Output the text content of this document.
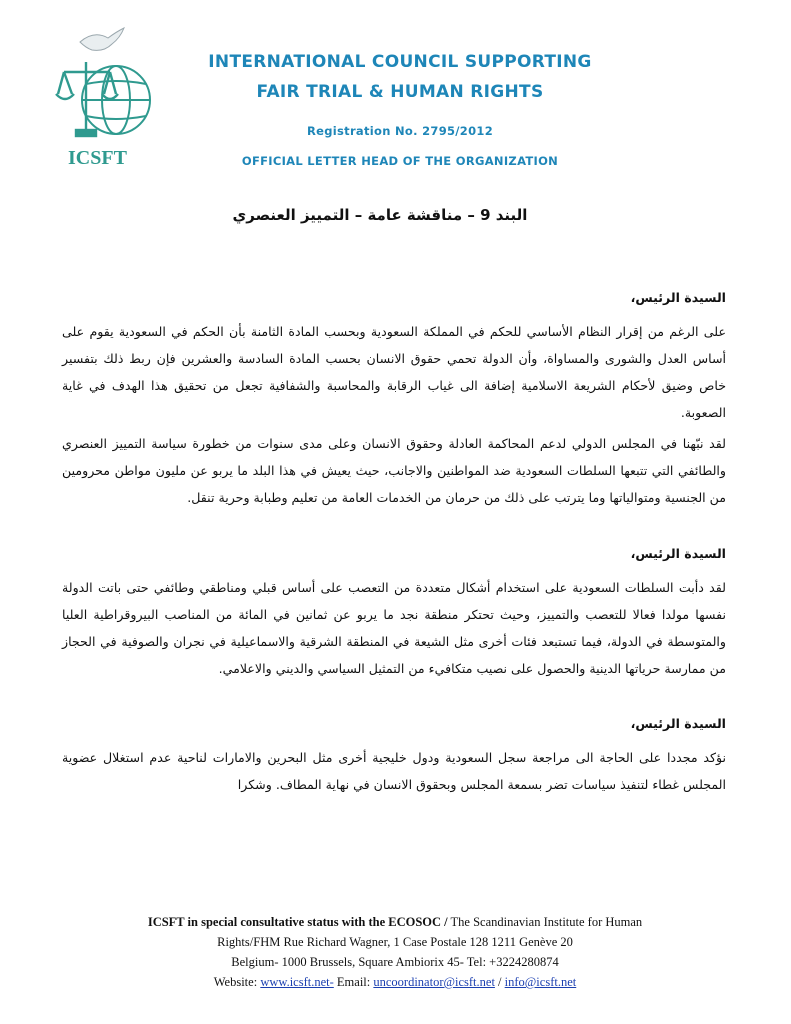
ICSFT
INTERNATIONAL COUNCIL SUPPORTING
FAIR TRIAL & HUMAN RIGHTS
Registration No. 2795/2012
OFFICIAL LETTER HEAD OF THE ORGANIZATION
البند 9 – مناقشة عامة – التمييز العنصري
السيدة الرئيس،
على الرغم من إقرار النظام الأساسي للحكم في المملكة السعودية وبحسب المادة الثامنة بأن الحكم في السعودية يقوم على أساس العدل والشورى والمساواة، وأن الدولة تحمي حقوق الانسان بحسب المادة السادسة والعشرين فإن ربط ذلك بتفسير خاص وضيق لأحكام الشريعة الاسلامية إضافة الى غياب الرقابة والمحاسبة والشفافية تجعل من تحقيق هذا الهدف في غاية الصعوبة.
لقد نبّهنا في المجلس الدولي لدعم المحاكمة العادلة وحقوق الانسان وعلى مدى سنوات من خطورة سياسة التمييز العنصري والطائفي التي تتبعها السلطات السعودية ضد المواطنين والاجانب، حيث يعيش في هذا البلد ما يربو عن مليون مواطن محرومين من الجنسية ومتوالياتها وما يترتب على ذلك من حرمان من الخدمات العامة من تعليم وطبابة وحرية تنقل.
السيدة الرئيس،
لقد دأبت السلطات السعودية على استخدام أشكال متعددة من التعصب على أساس قبلي ومناطقي وطائفي حتى باتت الدولة نفسها مولدا فعالا للتعصب والتمييز، وحيث تحتكر منطقة نجد ما يربو عن ثمانين في المائة من المناصب البيروقراطية العليا والمتوسطة في الدولة، فيما تستبعد فئات أخرى مثل الشيعة في المنطقة الشرقية والاسماعيلية في نجران والصوفية في الحجاز من ممارسة حرياتها الدينية والحصول على نصيب متكافيء من التمثيل السياسي والديني والاعلامي.
السيدة الرئيس،
نؤكد مجددا على الحاجة الى مراجعة سجل السعودية ودول خليجية أخرى مثل البحرين والامارات لناحية عدم استغلال عضوية المجلس غطاء لتنفيذ سياسات تضر بسمعة المجلس وبحقوق الانسان في نهاية المطاف. وشكرا
ICSFT in special consultative status with the ECOSOC / The Scandinavian Institute for Human
Rights/FHM Rue Richard Wagner, 1 Case Postale 128 1211 Genève 20
Belgium- 1000 Brussels, Square Ambiorix 45- Tel: +3224280874
Website: www.icsft.net- Email: uncoordinator@icsft.net / info@icsft.net
